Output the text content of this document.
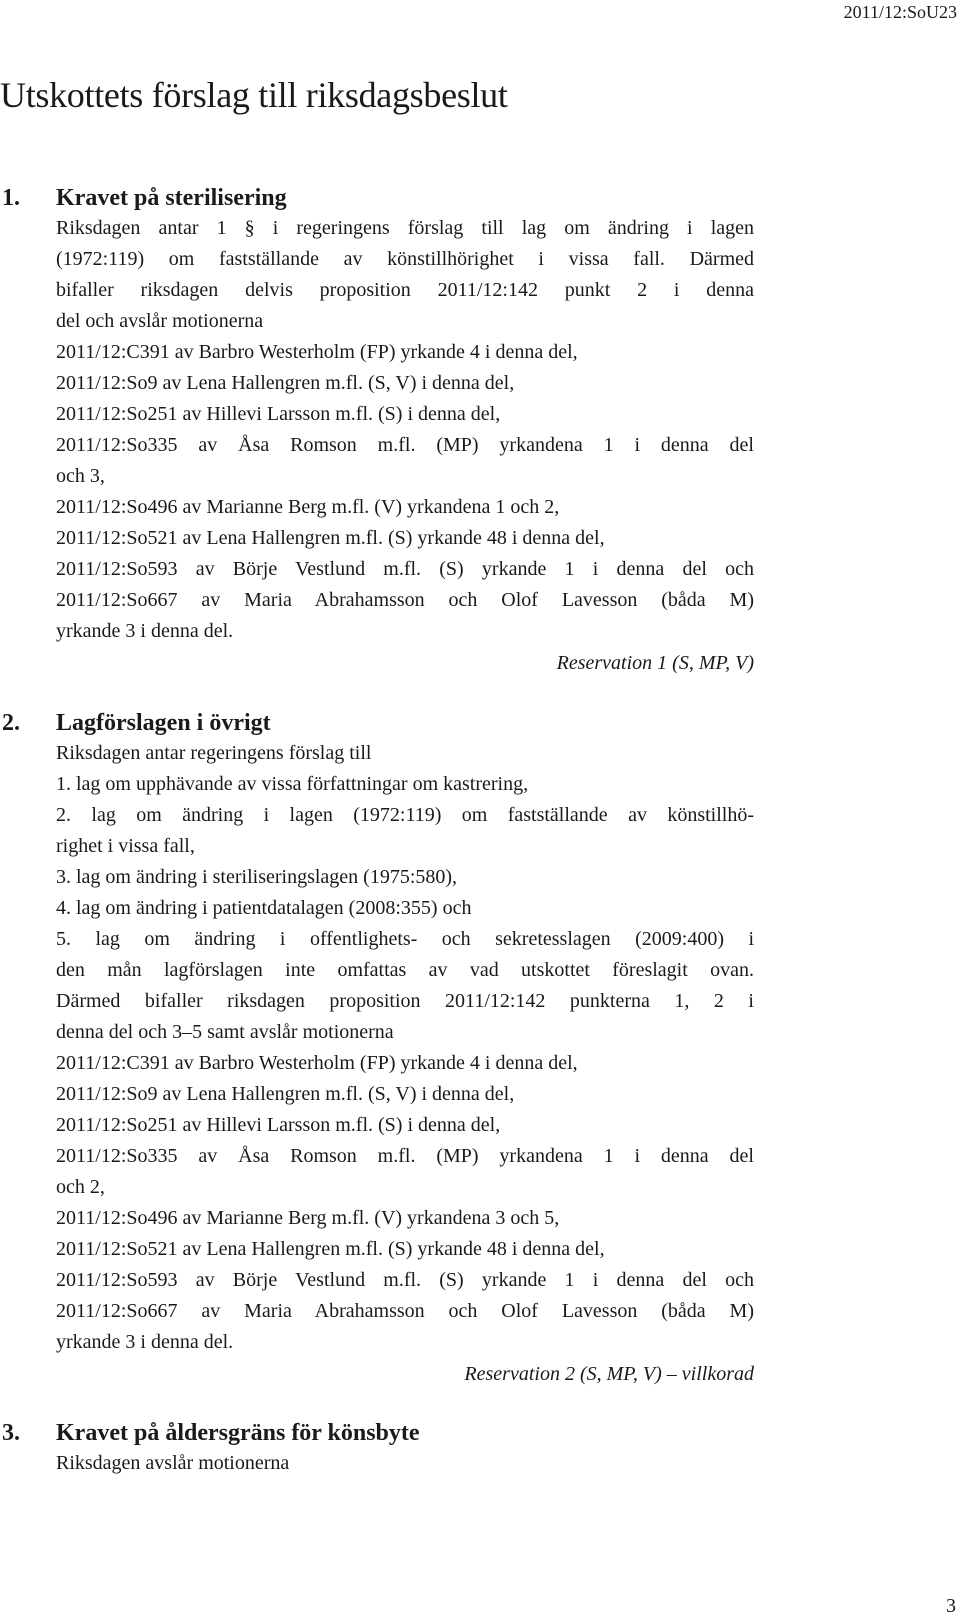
2011/12:SoU23
Utskottets förslag till riksdagsbeslut
1. Kravet på sterilisering
Riksdagen antar 1 § i regeringens förslag till lag om ändring i lagen
(1972:119) om fastställande av könstillhörighet i vissa fall. Därmed
bifaller riksdagen delvis proposition 2011/12:142 punkt 2 i denna
del och avslår motionerna
2011/12:C391 av Barbro Westerholm (FP) yrkande 4 i denna del,
2011/12:So9 av Lena Hallengren m.fl. (S, V) i denna del,
2011/12:So251 av Hillevi Larsson m.fl. (S) i denna del,
2011/12:So335 av Åsa Romson m.fl. (MP) yrkandena 1 i denna del
och 3,
2011/12:So496 av Marianne Berg m.fl. (V) yrkandena 1 och 2,
2011/12:So521 av Lena Hallengren m.fl. (S) yrkande 48 i denna del,
2011/12:So593 av Börje Vestlund m.fl. (S) yrkande 1 i denna del och
2011/12:So667 av Maria Abrahamsson och Olof Lavesson (båda M)
yrkande 3 i denna del.
Reservation 1 (S, MP, V)
2. Lagförslagen i övrigt
Riksdagen antar regeringens förslag till
1. lag om upphävande av vissa författningar om kastrering,
2. lag om ändring i lagen (1972:119) om fastställande av könstillhö-
righet i vissa fall,
3. lag om ändring i steriliseringslagen (1975:580),
4. lag om ändring i patientdatalagen (2008:355) och
5. lag om ändring i offentlighets- och sekretesslagen (2009:400) i
den mån lagförslagen inte omfattas av vad utskottet föreslagit ovan.
Därmed bifaller riksdagen proposition 2011/12:142 punkterna 1, 2 i
denna del och 3–5 samt avslår motionerna
2011/12:C391 av Barbro Westerholm (FP) yrkande 4 i denna del,
2011/12:So9 av Lena Hallengren m.fl. (S, V) i denna del,
2011/12:So251 av Hillevi Larsson m.fl. (S) i denna del,
2011/12:So335 av Åsa Romson m.fl. (MP) yrkandena 1 i denna del
och 2,
2011/12:So496 av Marianne Berg m.fl. (V) yrkandena 3 och 5,
2011/12:So521 av Lena Hallengren m.fl. (S) yrkande 48 i denna del,
2011/12:So593 av Börje Vestlund m.fl. (S) yrkande 1 i denna del och
2011/12:So667 av Maria Abrahamsson och Olof Lavesson (båda M)
yrkande 3 i denna del.
Reservation 2 (S, MP, V) – villkorad
3. Kravet på åldersgräns för könsbyte
Riksdagen avslår motionerna
3
